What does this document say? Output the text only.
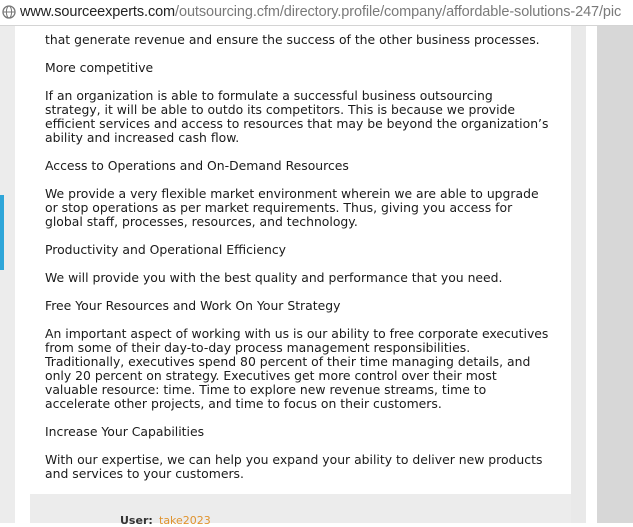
www.sourceexperts.com/outsourcing.cfm/directory.profile/company/affordable-solutions-247/pic

that generate revenue and ensure the success of the other business processes.

More competitive

If an organization is able to formulate a successful business outsourcing

strategy, it will be able to outdo its competitors. This is because we provide

efficient services and access to resources that may be beyond the organization’s

ability and increased cash flow.

Access to Operations and On-Demand Resources

We provide a very flexible market environment wherein we are able to upgrade

or stop operations as per market requirements. Thus, giving you access for

global staff, processes, resources, and technology.

Productivity and Operational Efficiency

We will provide you with the best quality and performance that you need.

Free Your Resources and Work On Your Strategy

An important aspect of working with us is our ability to free corporate executives

from some of their day-to-day process management responsibilities.

Traditionally, executives spend 80 percent of their time managing details, and

only 20 percent on strategy. Executives get more control over their most

valuable resource: time. Time to explore new revenue streams, time to

accelerate other projects, and time to focus on their customers.

Increase Your Capabilities

With our expertise, we can help you expand your ability to deliver new products

and services to your customers.

User: take2023
